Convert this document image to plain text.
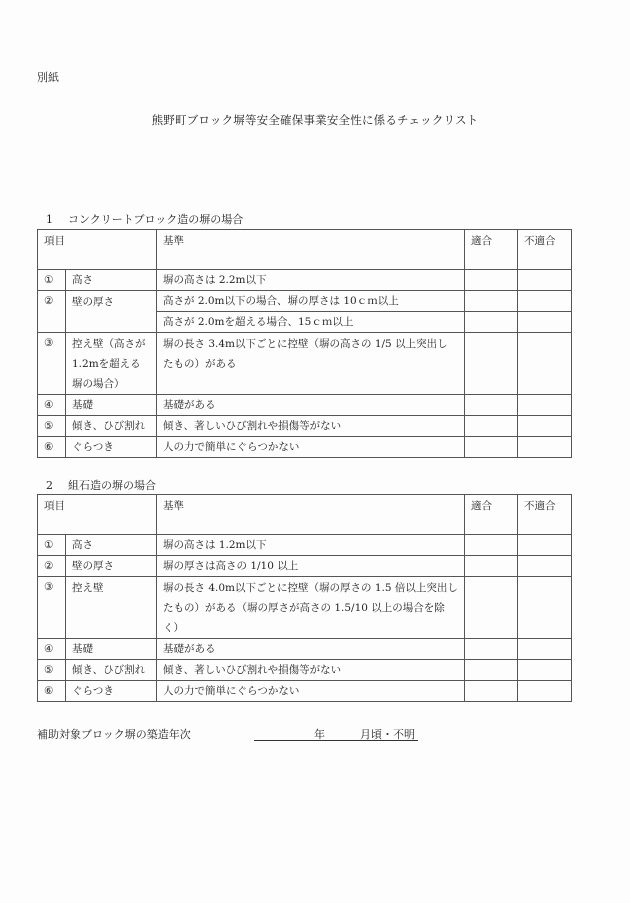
別紙
熊野町ブロック塀等安全確保事業安全性に係るチェックリスト
1 コンクリートブロック造の塀の場合
項目		基準	適合	不適合
①	高さ	塀の高さは 2.2m以下		
②	壁の厚さ	高さが 2.0m以下の場合、塀の厚さは 10ｃｍ以上		
		高さが 2.0mを超える場合、15ｃｍ以上		
③	控え壁（高さが 1.2mを超える塀の場合）	塀の長さ 3.4m以下ごとに控壁（塀の高さの 1/5 以上突出したもの）がある		
④	基礎	基礎がある		
⑤	傾き、ひび割れ	傾き、著しいひび割れや損傷等がない		
⑥	ぐらつき	人の力で簡単にぐらつかない		
2 組石造の塀の場合
項目		基準	適合	不適合
①	高さ	塀の高さは 1.2m以下		
②	壁の厚さ	塀の厚さは高さの 1/10 以上		
③	控え壁	塀の長さ 4.0m以下ごとに控壁（塀の厚さの 1.5 倍以上突出したもの）がある（塀の厚さが高さの 1.5/10 以上の場合を除く）		
④	基礎	基礎がある		
⑤	傾き、ひび割れ	傾き、著しいひび割れや損傷等がない		
⑥	ぐらつき	人の力で簡単にぐらつかない		
補助対象ブロック塀の築造年次	年	月頃・不明
